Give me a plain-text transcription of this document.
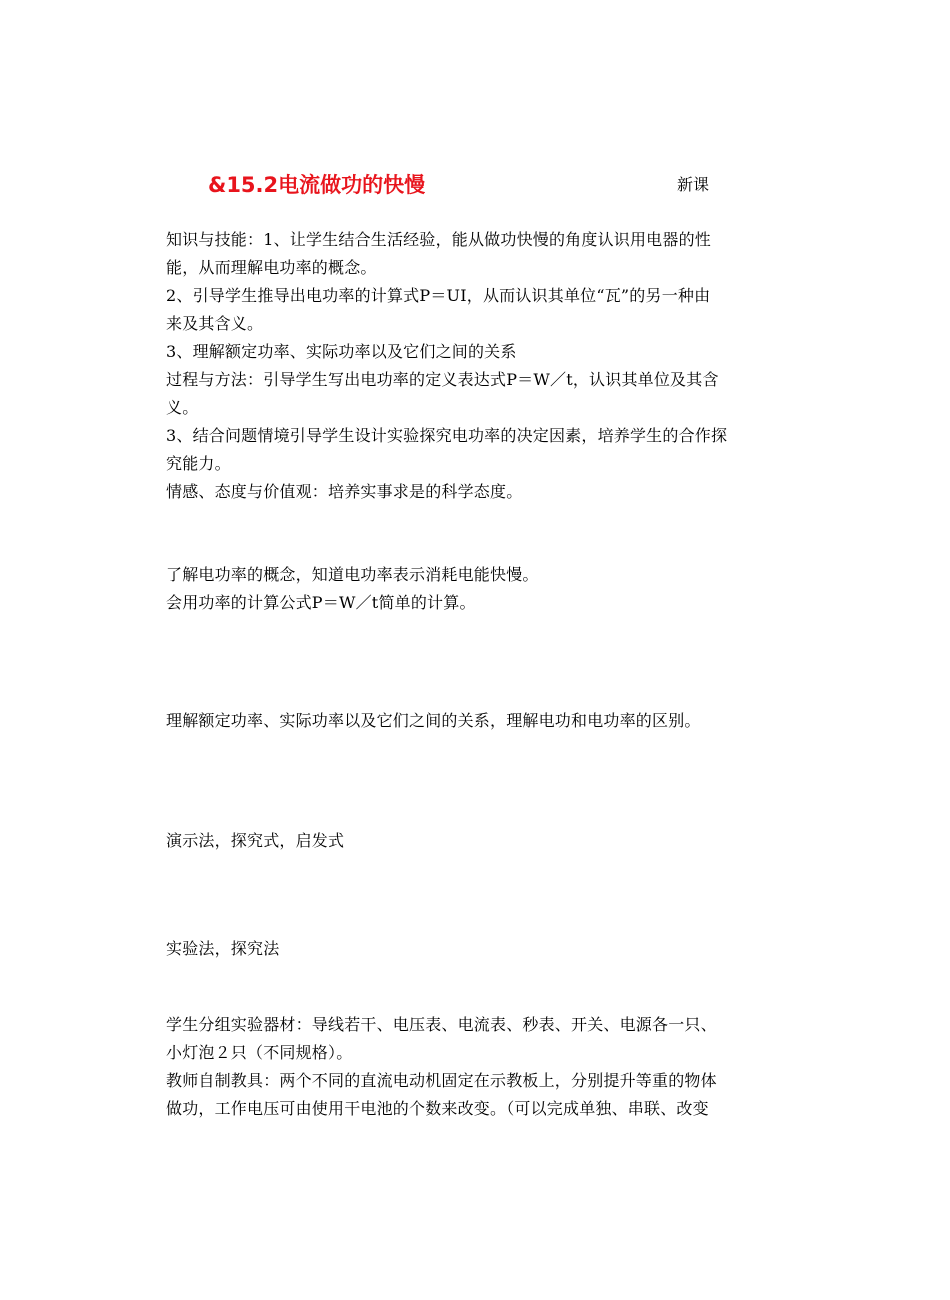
&15.2电流做功的快慢	新课
知识与技能：1、让学生结合生活经验，能从做功快慢的角度认识用电器的性
能，从而理解电功率的概念。
2、引导学生推导出电功率的计算式P＝UI，从而认识其单位“瓦”的另一种由
来及其含义。
3、理解额定功率、实际功率以及它们之间的关系
过程与方法：引导学生写出电功率的定义表达式P＝W／t，认识其单位及其含
义。
3、结合问题情境引导学生设计实验探究电功率的决定因素，培养学生的合作探
究能力。
情感、态度与价值观：培养实事求是的科学态度。
了解电功率的概念，知道电功率表示消耗电能快慢。
会用功率的计算公式P＝W／t简单的计算。
理解额定功率、实际功率以及它们之间的关系，理解电功和电功率的区别。
演示法，探究式，启发式
实验法，探究法
学生分组实验器材：导线若干、电压表、电流表、秒表、开关、电源各一只、
小灯泡２只（不同规格）。
教师自制教具：两个不同的直流电动机固定在示教板上，分别提升等重的物体
做功，工作电压可由使用干电池的个数来改变。（可以完成单独、串联、改变
